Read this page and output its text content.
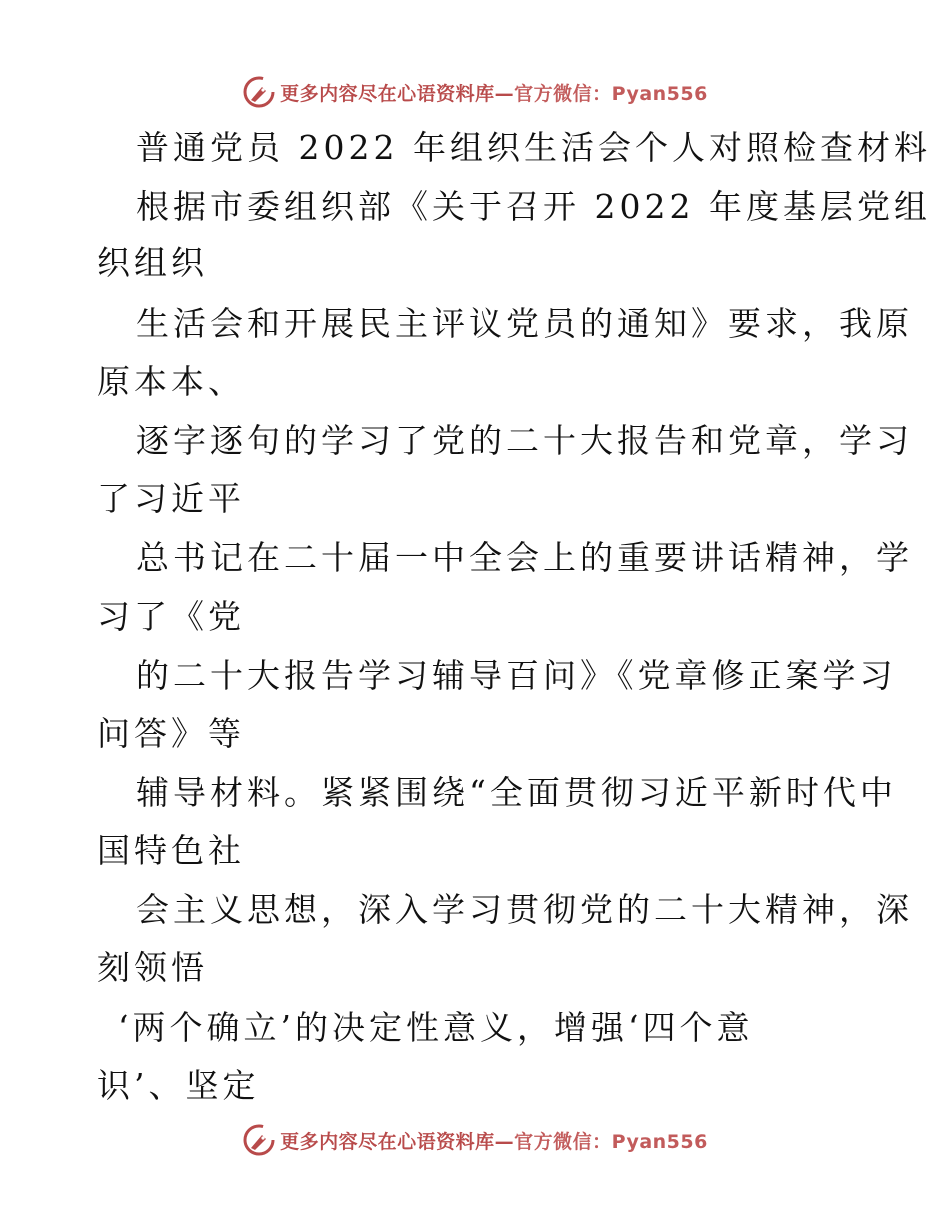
更多内容尽在心语资料库—官方微信：Pyan556
普通党员 2022 年组织生活会个人对照检查材料
根据市委组织部《关于召开 2022 年度基层党组
织组织
生活会和开展民主评议党员的通知》要求，我原
原本本、
逐字逐句的学习了党的二十大报告和党章，学习
了习近平
总书记在二十届一中全会上的重要讲话精神，学
习了《党
的二十大报告学习辅导百问》《党章修正案学习
问答》等
辅导材料。紧紧围绕“全面贯彻习近平新时代中
国特色社
会主义思想，深入学习贯彻党的二十大精神，深
刻领悟
‘两个确立’的决定性意义，增强‘四个意
识’、坚定
更多内容尽在心语资料库—官方微信：Pyan556
